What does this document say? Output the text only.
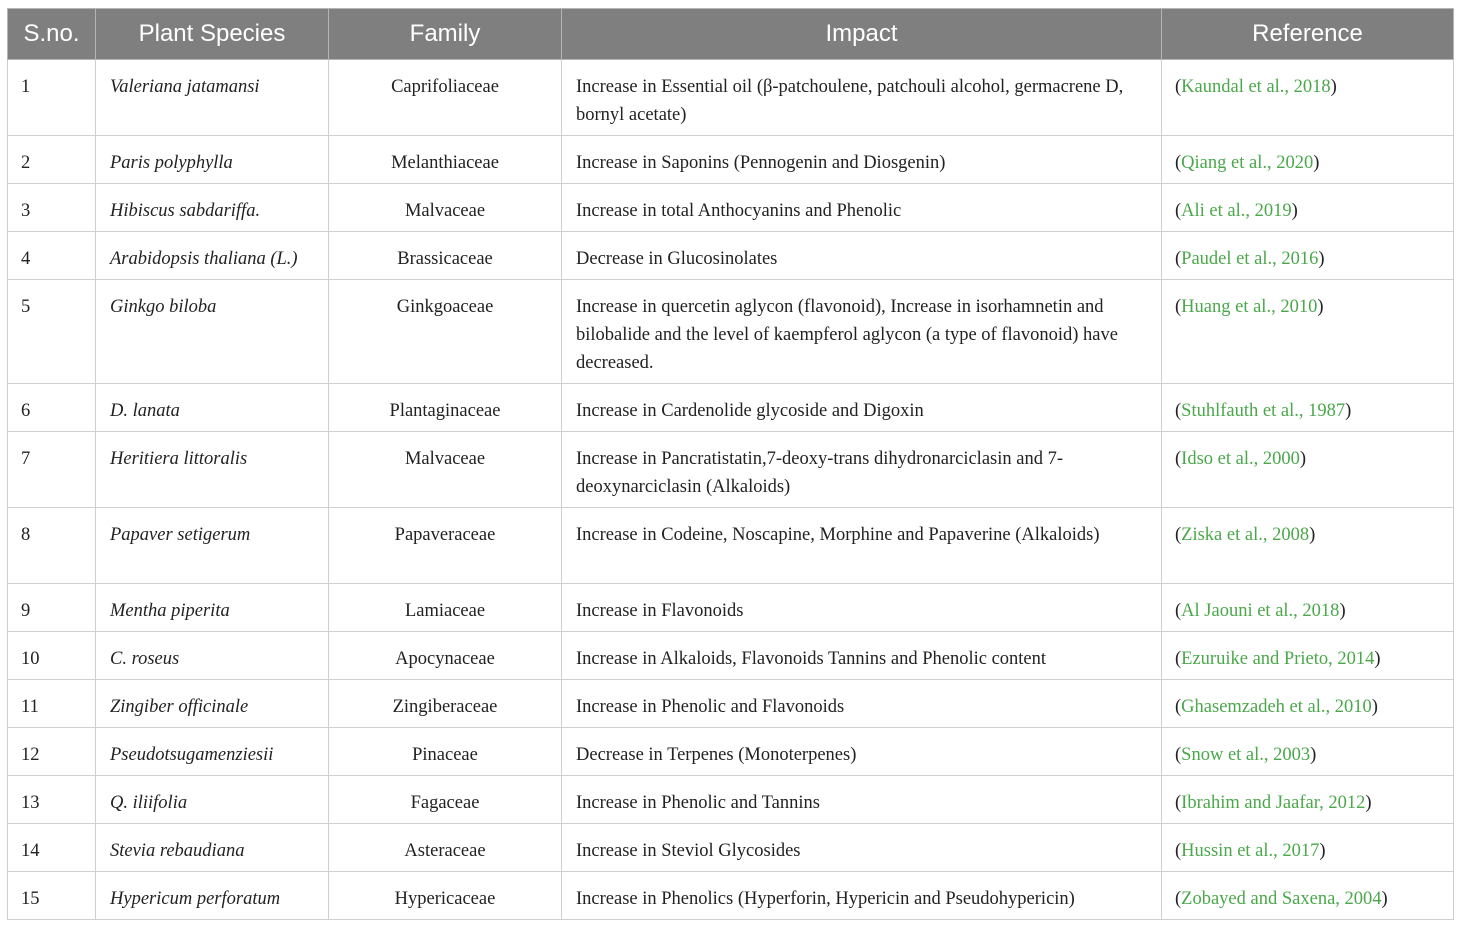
S.no.	Plant Species	Family	Impact	Reference
1	Valeriana jatamansi	Caprifoliaceae	Increase in Essential oil (β-patchoulene, patchouli alcohol, germacrene D, bornyl acetate)	(Kaundal et al., 2018)
2	Paris polyphylla	Melanthiaceae	Increase in Saponins (Pennogenin and Diosgenin)	(Qiang et al., 2020)
3	Hibiscus sabdariffa.	Malvaceae	Increase in total Anthocyanins and Phenolic	(Ali et al., 2019)
4	Arabidopsis thaliana (L.)	Brassicaceae	Decrease in Glucosinolates	(Paudel et al., 2016)
5	Ginkgo biloba	Ginkgoaceae	Increase in quercetin aglycon (flavonoid), Increase in isorhamnetin and bilobalide and the level of kaempferol aglycon (a type of flavonoid) have decreased.	(Huang et al., 2010)
6	D. lanata	Plantaginaceae	Increase in Cardenolide glycoside and Digoxin	(Stuhlfauth et al., 1987)
7	Heritiera littoralis	Malvaceae	Increase in Pancratistatin,7-deoxy-trans dihydronarciclasin and 7-deoxynarciclasin (Alkaloids)	(Idso et al., 2000)
8	Papaver setigerum	Papaveraceae	Increase in Codeine, Noscapine, Morphine and Papaverine (Alkaloids)	(Ziska et al., 2008)
9	Mentha piperita	Lamiaceae	Increase in Flavonoids	(Al Jaouni et al., 2018)
10	C. roseus	Apocynaceae	Increase in Alkaloids, Flavonoids Tannins and Phenolic content	(Ezuruike and Prieto, 2014)
11	Zingiber officinale	Zingiberaceae	Increase in Phenolic and Flavonoids	(Ghasemzadeh et al., 2010)
12	Pseudotsugamenziesii	Pinaceae	Decrease in Terpenes (Monoterpenes)	(Snow et al., 2003)
13	Q. iliifolia	Fagaceae	Increase in Phenolic and Tannins	(Ibrahim and Jaafar, 2012)
14	Stevia rebaudiana	Asteraceae	Increase in Steviol Glycosides	(Hussin et al., 2017)
15	Hypericum perforatum	Hypericaceae	Increase in Phenolics (Hyperforin, Hypericin and Pseudohypericin)	(Zobayed and Saxena, 2004)
